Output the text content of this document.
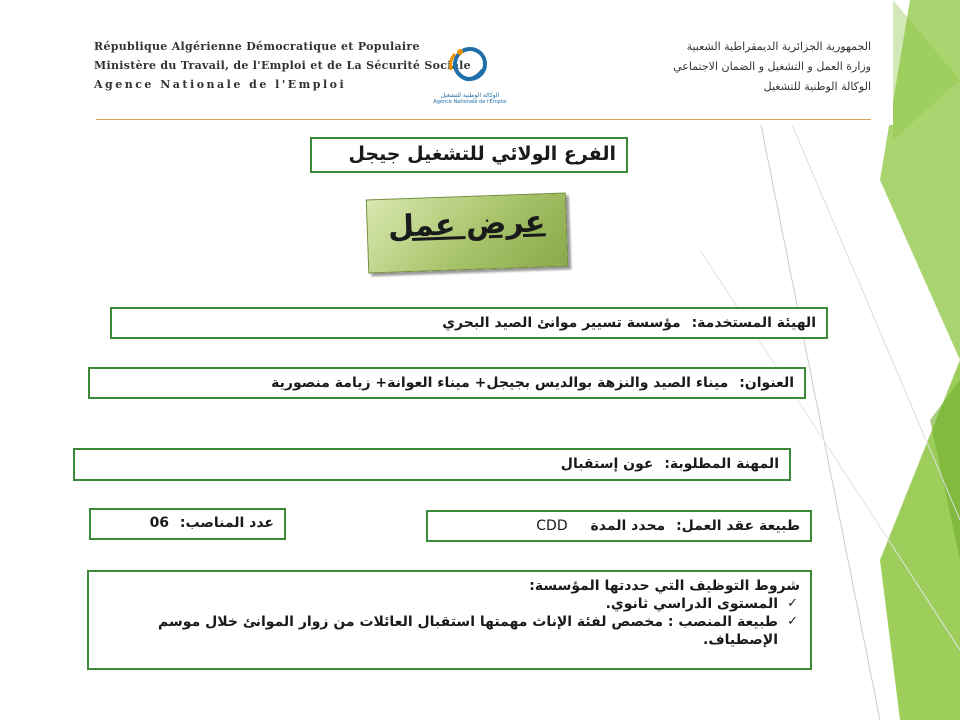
République Algérienne Démocratique et Populaire
Ministère du Travail, de l'Emploi et de La Sécurité Sociale
Agence Nationale de l'Emploi
الوكالة الوطنية للتشغيل
Agence Nationale de l'Emploi
الجمهورية الجزائرية الديمقراطية الشعبية
وزارة العمل و التشغيل و الضمان الاجتماعي
الوكالة الوطنية للتشغيل
الفرع الولائي للتشغيل جيجل
عرض عمل
الهيئة المستخدمة: مؤسسة تسيير موانئ الصيد البحري
العنوان: ميناء الصيد والنزهة بوالديس بجيجل+ ميناء العوانة+ زيامة منصورية
المهنة المطلوبة: عون إستقبال
عدد المناصب: 06	طبيعة عقد العمل: محدد المدة CDD
شروط التوظيف التي حددتها المؤسسة:
✓
المستوى الدراسي ثانوي.
✓
طبيعة المنصب : مخصص لفئة الإناث مهمتها استقبال العائلات من زوار الموانئ خلال موسم الإصطياف.
